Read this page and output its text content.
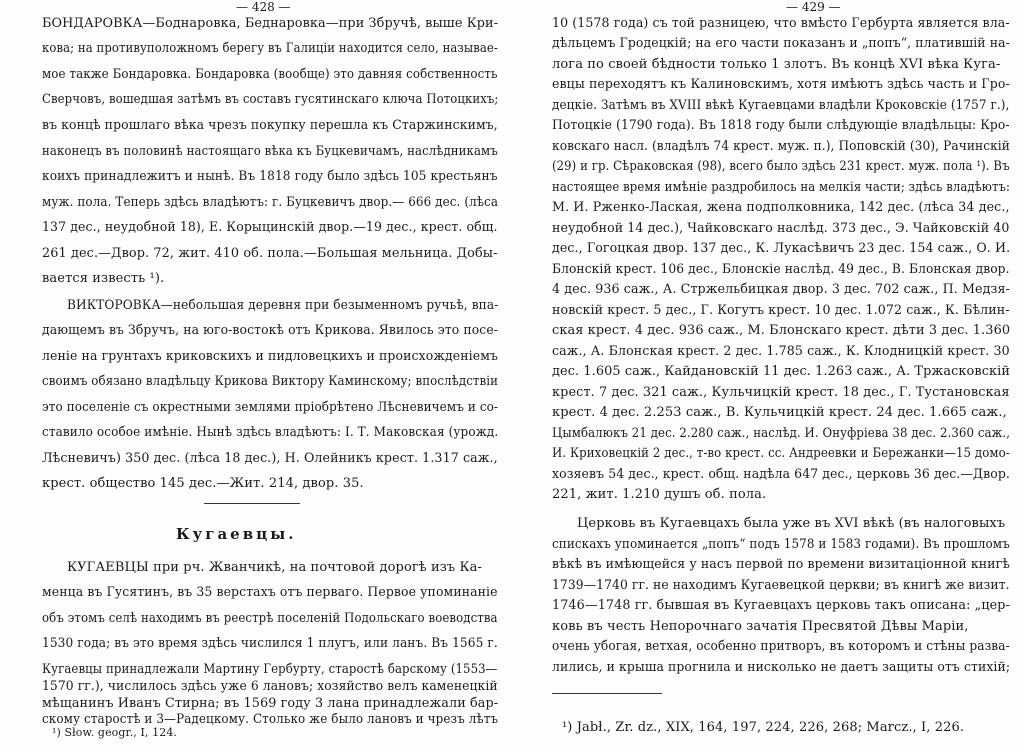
— 428 —
БОНДАРОВКА—Боднаровка, Беднаровка—при Збручѣ, выше Кри-
кова; на противуположномъ берегу въ Галиціи находится село, называе-
мое также Бондаровка. Бондаровка (вообще) это давняя собственность
Сверчовъ, вошедшая затѣмъ въ составъ гусятинскаго ключа Потоцкихъ;
въ концѣ прошлаго вѣка чрезъ покупку перешла къ Старжинскимъ,
наконецъ въ половинѣ настоящаго вѣка къ Буцкевичамъ, наслѣдникамъ
коихъ принадлежитъ и нынѣ. Въ 1818 году было здѣсь 105 крестьянъ
муж. пола. Теперь здѣсь владѣютъ: г. Буцкевичъ двор.— 666 дес. (лѣса
137 дес., неудобной 18), Е. Корыцинскій двор.—19 дес., крест. общ.
261 дес.—Двор. 72, жит. 410 об. пола.—Большая мельница. Добы-
вается известь ¹).
ВИКТОРОВКА—небольшая деревня при безыменномъ ручьѣ, впа-
дающемъ въ Збручъ, на юго-востокѣ отъ Крикова. Явилось это посе-
леніе на грунтахъ криковскихъ и пидловецкихъ и происхожденіемъ
своимъ обязано владѣльцу Крикова Виктору Каминскому; впослѣдствіи
это поселеніе съ окрестными землями пріобрѣтено Лѣсневичемъ и со-
ставило особое имѣніе. Нынѣ здѣсь владѣютъ: І. Т. Маковская (урожд.
Лѣсневичъ) 350 дес. (лѣса 18 дес.), Н. Олейникъ крест. 1.317 саж.,
крест. общество 145 дес.—Жит. 214, двор. 35.
Кугаевцы.
КУГАЕВЦЫ при рч. Жванчикѣ, на почтовой дорогѣ изъ Ка-
менца въ Гусятинъ, въ 35 верстахъ отъ перваго. Первое упоминаніе
объ этомъ селѣ находимъ въ реестрѣ поселеній Подольскаго воеводства
1530 года; въ это время здѣсь числился 1 плугъ, или ланъ. Въ 1565 г.
Кугаевцы принадлежали Мартину Гербурту, старостѣ барскому (1553—
1570 гг.), числилось здѣсь уже 6 лановъ; хозяйство велъ каменецкій
мѣщанинъ Иванъ Стирна; въ 1569 году 3 лана принадлежали бар-
скому старостѣ и 3—Радецкому. Столько же было лановъ и чрезъ лѣтъ
¹) Słow. geogr., I, 124.
— 429 —
10 (1578 года) съ той разницею, что вмѣсто Гербурта является вла-
дѣльцемъ Гродецкій; на его части показанъ и „попъ“, платившій на-
лога по своей бѣдности только 1 злотъ. Въ концѣ XVI вѣка Куга-
евцы переходятъ къ Калиновскимъ, хотя имѣютъ здѣсь часть и Гро-
децкіе. Затѣмъ въ XVIII вѣкѣ Кугаевцами владѣли Кроковскіе (1757 г.),
Потоцкіе (1790 года). Въ 1818 году были слѣдующіе владѣльцы: Кро-
ковскаго насл. (владѣлъ 74 крест. муж. п.), Поповскій (30), Рачинскій
(29) и гр. Сѣраковская (98), всего было здѣсь 231 крест. муж. пола ¹). Въ
настоящее время имѣніе раздробилось на мелкія части; здѣсь владѣютъ:
М. И. Рженко-Лаская, жена подполковника, 142 дес. (лѣса 34 дес.,
неудобной 14 дес.), Чайковскаго наслѣд. 373 дес., Э. Чайковскій 40
дес., Гогоцкая двор. 137 дес., К. Лукасѣвичъ 23 дес. 154 саж., О. И.
Блонскій крест. 106 дес., Блонскіе наслѣд. 49 дес., В. Блонская двор.
4 дес. 936 саж., А. Стржельбицкая двор. 3 дес. 702 саж., П. Медзя-
новскій крест. 5 дес., Г. Когутъ крест. 10 дес. 1.072 саж., К. Бѣлин-
ская крест. 4 дес. 936 саж., М. Блонскаго крест. дѣти 3 дес. 1.360
саж., А. Блонская крест. 2 дес. 1.785 саж., К. Клодницкій крест. 30
дес. 1.605 саж., Кайдановскій 11 дес. 1.263 саж., А. Тржасковскій
крест. 7 дес. 321 саж., Кульчицкій крест. 18 дес., Г. Тустановская
крест. 4 дес. 2.253 саж., В. Кульчицкій крест. 24 дес. 1.665 саж.,
Цымбалюкъ 21 дес. 2.280 саж., наслѣд. И. Онуфріева 38 дес. 2.360 саж.,
И. Криховецкій 2 дес., т-во крест. сс. Андреевки и Бережанки—15 домо-
хозяевъ 54 дес., крест. общ. надѣла 647 дес., церковь 36 дес.—Двор.
221, жит. 1.210 душъ об. пола.
Церковь въ Кугаевцахъ была уже въ XVI вѣкѣ (въ налоговыхъ
спискахъ упоминается „попъ“ подъ 1578 и 1583 годами). Въ прошломъ
вѣкѣ въ имѣющейся у насъ первой по времени визитаціонной книгѣ
1739—1740 гг. не находимъ Кугаевецкой церкви; въ книгѣ же визит.
1746—1748 гг. бывшая въ Кугаевцахъ церковь такъ описана: „цер-
ковь въ честь Непорочнаго зачатія Пресвятой Дѣвы Маріи,
очень убогая, ветхая, особенно притворъ, въ которомъ и стѣны развa-
лились, и крыша прогнила и нисколько не даетъ защиты отъ стихій;
¹) Jabł., Zr. dz., XIX, 164, 197, 224, 226, 268; Marcz., I, 226.
